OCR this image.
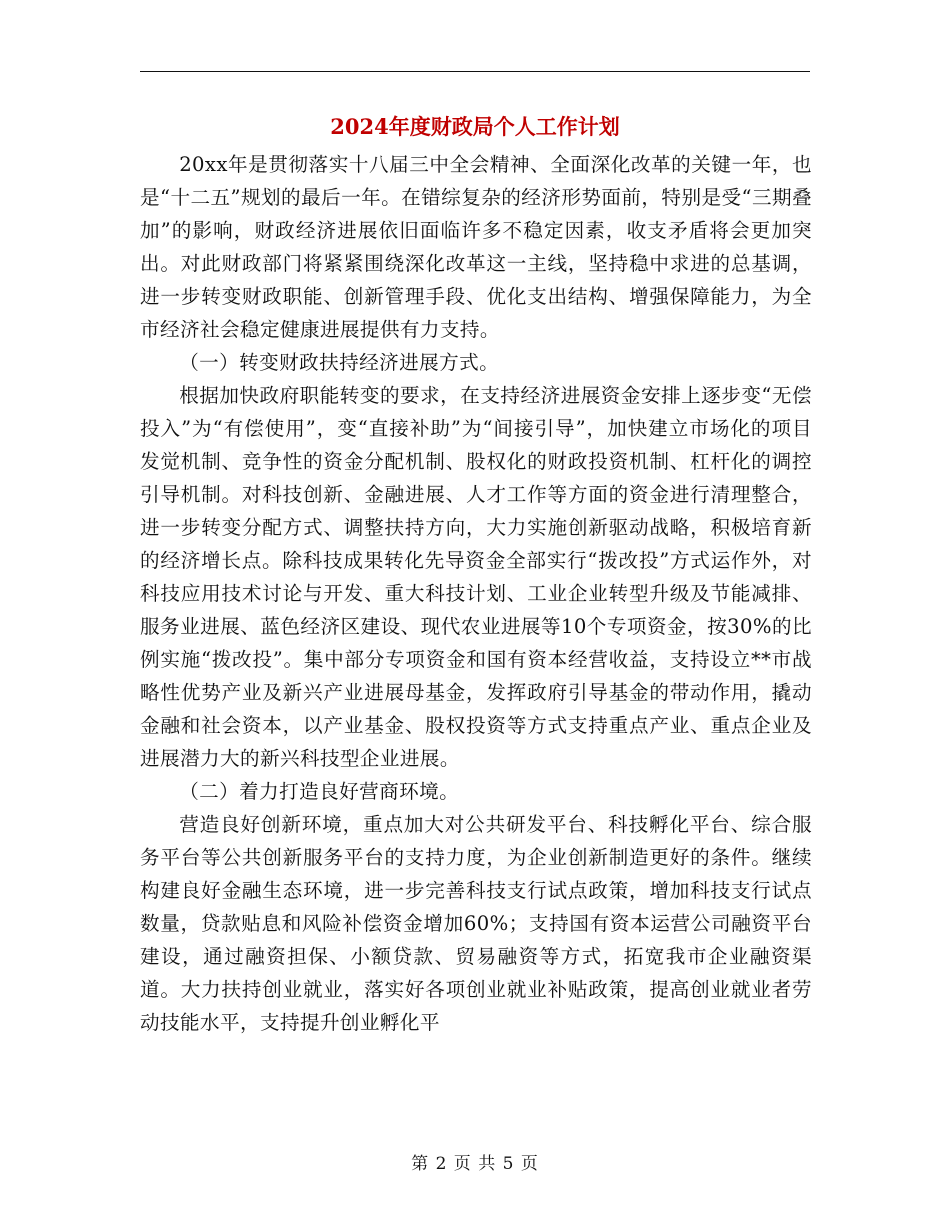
2024年度财政局个人工作计划

20xx年是贯彻落实十八届三中全会精神、全面深化改革的关键一年，也是“十二五”规划的最后一年。在错综复杂的经济形势面前，特别是受“三期叠加”的影响，财政经济进展依旧面临许多不稳定因素，收支矛盾将会更加突出。对此财政部门将紧紧围绕深化改革这一主线，坚持稳中求进的总基调，进一步转变财政职能、创新管理手段、优化支出结构、增强保障能力，为全市经济社会稳定健康进展提供有力支持。

（一）转变财政扶持经济进展方式。

根据加快政府职能转变的要求，在支持经济进展资金安排上逐步变“无偿投入”为“有偿使用”，变“直接补助”为“间接引导”，加快建立市场化的项目发觉机制、竞争性的资金分配机制、股权化的财政投资机制、杠杆化的调控引导机制。对科技创新、金融进展、人才工作等方面的资金进行清理整合，进一步转变分配方式、调整扶持方向，大力实施创新驱动战略，积极培育新的经济增长点。除科技成果转化先导资金全部实行“拨改投”方式运作外，对科技应用技术讨论与开发、重大科技计划、工业企业转型升级及节能减排、服务业进展、蓝色经济区建设、现代农业进展等10个专项资金，按30%的比例实施“拨改投”。集中部分专项资金和国有资本经营收益，支持设立**市战略性优势产业及新兴产业进展母基金，发挥政府引导基金的带动作用，撬动金融和社会资本，以产业基金、股权投资等方式支持重点产业、重点企业及进展潜力大的新兴科技型企业进展。

（二）着力打造良好营商环境。

营造良好创新环境，重点加大对公共研发平台、科技孵化平台、综合服务平台等公共创新服务平台的支持力度，为企业创新制造更好的条件。继续构建良好金融生态环境，进一步完善科技支行试点政策，增加科技支行试点数量，贷款贴息和风险补偿资金增加60%；支持国有资本运营公司融资平台建设，通过融资担保、小额贷款、贸易融资等方式，拓宽我市企业融资渠道。大力扶持创业就业，落实好各项创业就业补贴政策，提高创业就业者劳动技能水平，支持提升创业孵化平

第 2 页 共 5 页
